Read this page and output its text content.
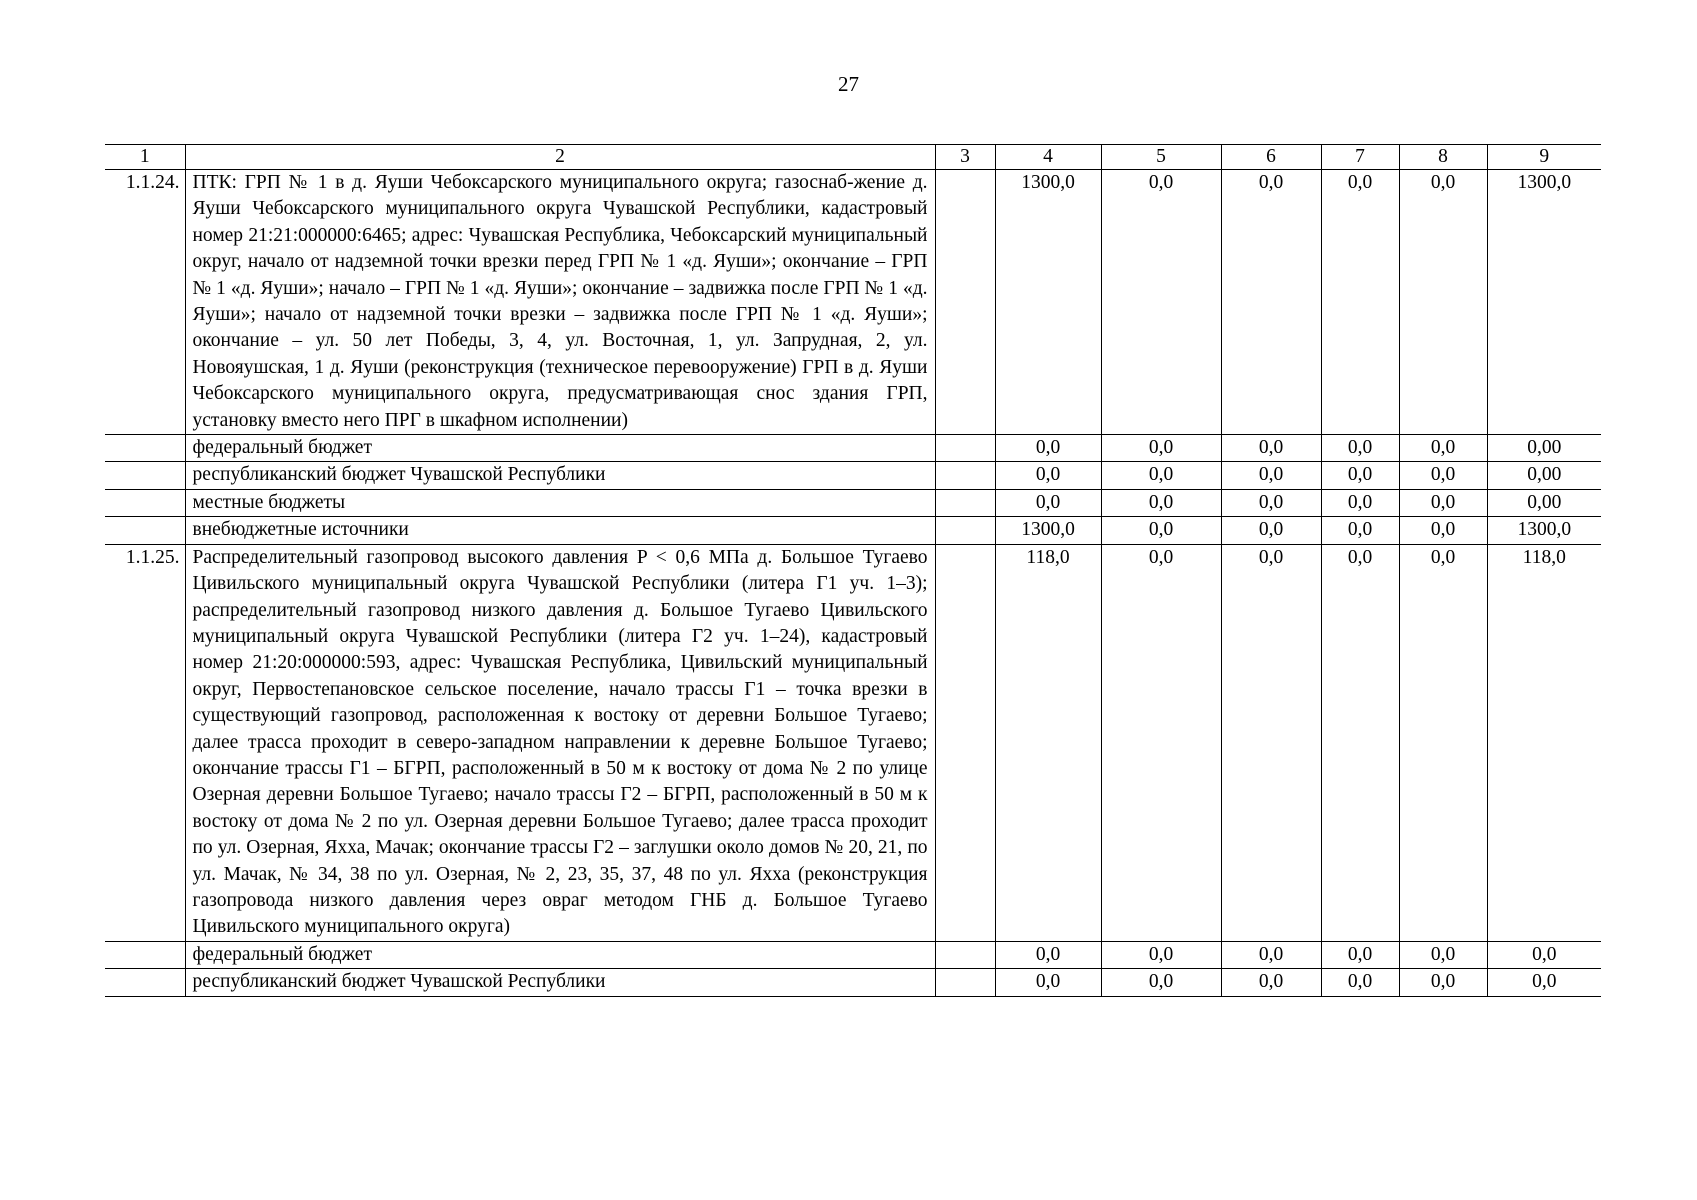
27
1	2	3	4	5	6	7	8	9
1.1.24.	ПТК: ГРП № 1 в д. Яуши Чебоксарского муниципального округа; газоснаб-жение д. Яуши Чебоксарского муниципального округа Чувашской Республики, кадастровый номер 21:21:000000:6465; адрес: Чувашская Республика, Чебоксарский муниципальный округ, начало от надземной точки врезки перед ГРП № 1 «д. Яуши»; окончание – ГРП № 1 «д. Яуши»; начало – ГРП № 1 «д. Яуши»; окончание – задвижка после ГРП № 1 «д. Яуши»; начало от надземной точки врезки – задвижка после ГРП № 1 «д. Яуши»; окончание – ул. 50 лет Победы, 3, 4, ул. Восточная, 1, ул. Запрудная, 2, ул. Новояушская, 1 д. Яуши (реконструкция (техническое перевооружение) ГРП в д. Яуши Чебоксарского муниципального округа, предусматривающая снос здания ГРП, установку вместо него ПРГ в шкафном исполнении)		1300,0	0,0	0,0	0,0	0,0	1300,0
	федеральный бюджет		0,0	0,0	0,0	0,0	0,0	0,00
	республиканский бюджет Чувашской Республики		0,0	0,0	0,0	0,0	0,0	0,00
	местные бюджеты		0,0	0,0	0,0	0,0	0,0	0,00
	внебюджетные источники		1300,0	0,0	0,0	0,0	0,0	1300,0
1.1.25.	Распределительный газопровод высокого давления P < 0,6 МПа д. Большое Тугаево Цивильского муниципальный округа Чувашской Республики (литера Г1 уч. 1–3); распределительный газопровод низкого давления д. Большое Тугаево Цивильского муниципальный округа Чувашской Республики (литера Г2 уч. 1–24), кадастровый номер 21:20:000000:593, адрес: Чувашская Республика, Цивильский муниципальный округ, Первостепановское сельское поселение, начало трассы Г1 – точка врезки в существующий газопровод, расположенная к востоку от деревни Большое Тугаево; далее трасса проходит в северо-западном направлении к деревне Большое Тугаево; окончание трассы Г1 – БГРП, расположенный в 50 м к востоку от дома № 2 по улице Озерная деревни Большое Тугаево; начало трассы Г2 – БГРП, расположенный в 50 м к востоку от дома № 2 по ул. Озерная деревни Большое Тугаево; далее трасса проходит по ул. Озерная, Яхха, Мачак; окончание трассы Г2 – заглушки около домов № 20, 21, по ул. Мачак, № 34, 38 по ул. Озерная, № 2, 23, 35, 37, 48 по ул. Яхха (реконструкция газопровода низкого давления через овраг методом ГНБ д. Большое Тугаево Цивильского муниципального округа)		118,0	0,0	0,0	0,0	0,0	118,0
	федеральный бюджет		0,0	0,0	0,0	0,0	0,0	0,0
	республиканский бюджет Чувашской Республики		0,0	0,0	0,0	0,0	0,0	0,0
